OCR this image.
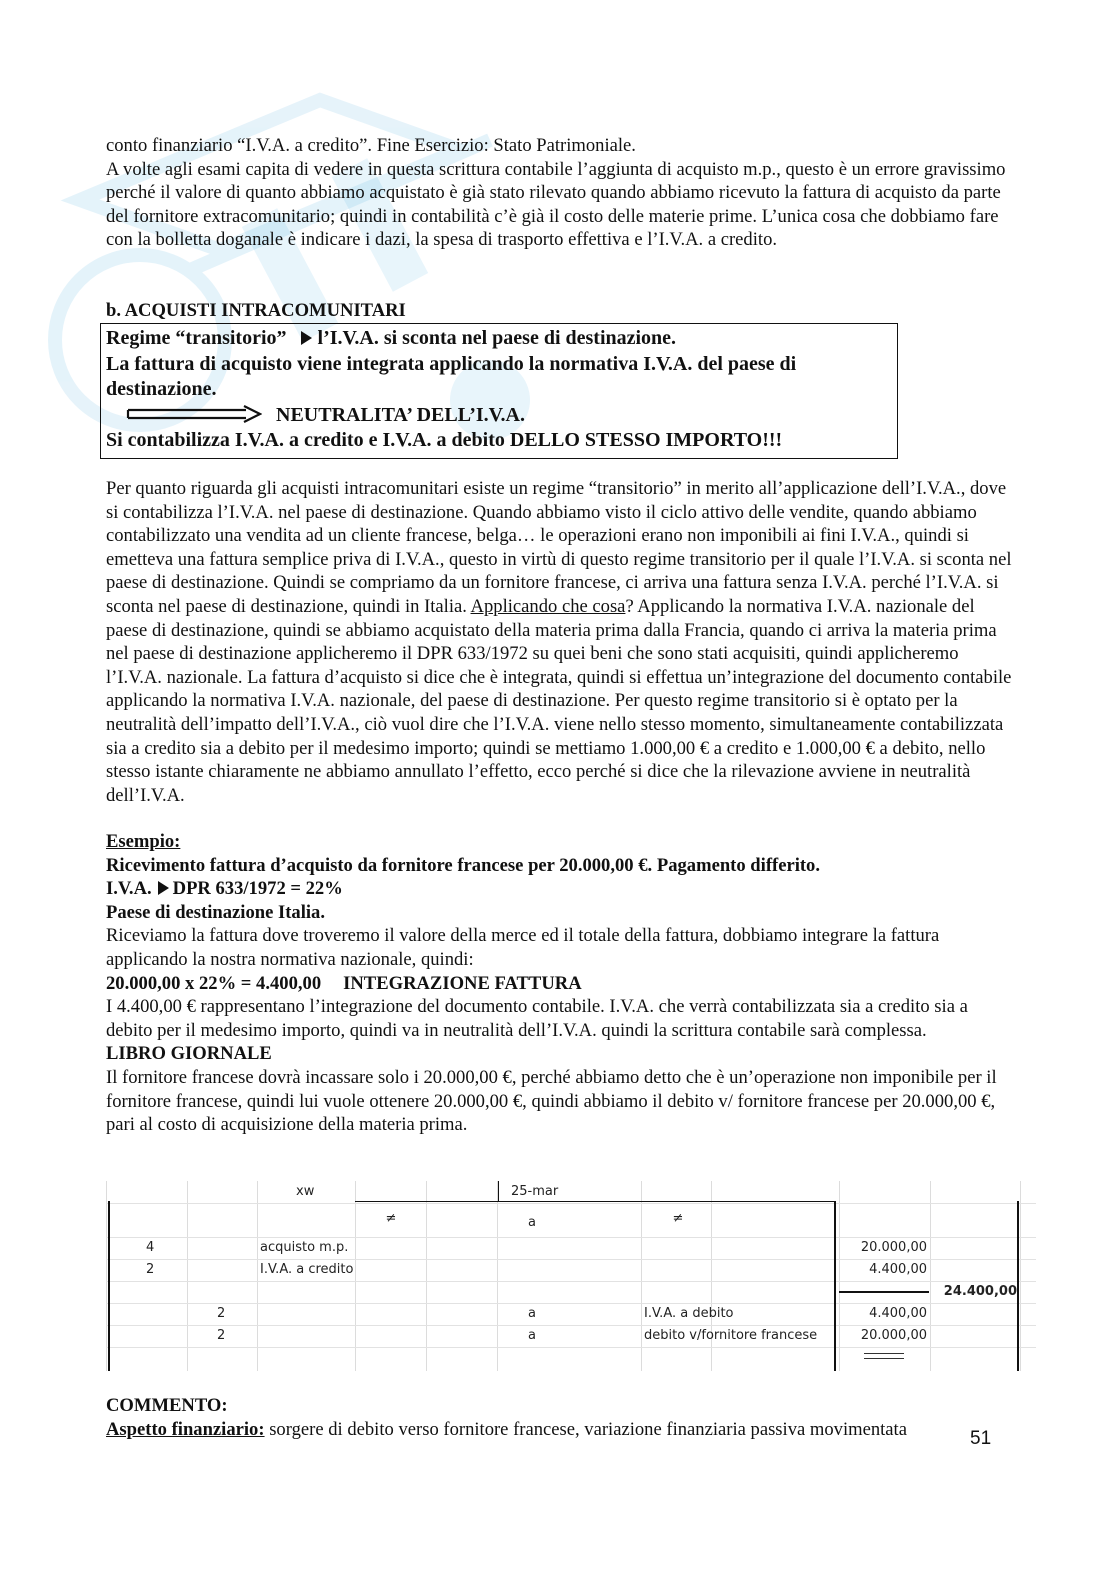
conto finanziario “I.V.A. a credito”. Fine Esercizio: Stato Patrimoniale.

A volte agli esami capita di vedere in questa scrittura contabile l’aggiunta di acquisto m.p., questo è un errore gravissimo perché il valore di quanto abbiamo acquistato è già stato rilevato quando abbiamo ricevuto la fattura di acquisto da parte del fornitore extracomunitario; quindi in contabilità c’è già il costo delle materie prime. L’unica cosa che dobbiamo fare con la bolletta doganale è indicare i dazi, la spesa di trasporto effettiva e l’I.V.A. a credito.

b. ACQUISTI INTRACOMUNITARI

Regime “transitorio” l’I.V.A. si sconta nel paese di destinazione.

La fattura di acquisto viene integrata applicando la normativa I.V.A. del paese di destinazione.

NEUTRALITA’ DELL’I.V.A.

Si contabilizza I.V.A. a credito e I.V.A. a debito DELLO STESSO IMPORTO!!!

Per quanto riguarda gli acquisti intracomunitari esiste un regime “transitorio” in merito all’applicazione dell’I.V.A., dove si contabilizza l’I.V.A. nel paese di destinazione. Quando abbiamo visto il ciclo attivo delle vendite, quando abbiamo contabilizzato una vendita ad un cliente francese, belga… le operazioni erano non imponibili ai fini I.V.A., quindi si emetteva una fattura semplice priva di I.V.A., questo in virtù di questo regime transitorio per il quale l’I.V.A. si sconta nel paese di destinazione. Quindi se compriamo da un fornitore francese, ci arriva una fattura senza I.V.A. perché l’I.V.A. si sconta nel paese di destinazione, quindi in Italia. Applicando che cosa? Applicando la normativa I.V.A. nazionale del paese di destinazione, quindi se abbiamo acquistato della materia prima dalla Francia, quando ci arriva la materia prima nel paese di destinazione applicheremo il DPR 633/1972 su quei beni che sono stati acquisiti, quindi applicheremo l’I.V.A. nazionale. La fattura d’acquisto si dice che è integrata, quindi si effettua un’integrazione del documento contabile applicando la normativa I.V.A. nazionale, del paese di destinazione. Per questo regime transitorio si è optato per la neutralità dell’impatto dell’I.V.A., ciò vuol dire che l’I.V.A. viene nello stesso momento, simultaneamente contabilizzata sia a credito sia a debito per il medesimo importo; quindi se mettiamo 1.000,00 € a credito e 1.000,00 € a debito, nello stesso istante chiaramente ne abbiamo annullato l’effetto, ecco perché si dice che la rilevazione avviene in neutralità dell’I.V.A.

Esempio:

Ricevimento fattura d’acquisto da fornitore francese per 20.000,00 €. Pagamento differito.

I.V.A. DPR 633/1972 = 22%

Paese di destinazione Italia.

Riceviamo la fattura dove troveremo il valore della merce ed il totale della fattura, dobbiamo integrare la fattura applicando la nostra normativa nazionale, quindi:

20.000,00 x 22% = 4.400,00 INTEGRAZIONE FATTURA

I 4.400,00 € rappresentano l’integrazione del documento contabile. I.V.A. che verrà contabilizzata sia a credito sia a debito per il medesimo importo, quindi va in neutralità dell’I.V.A. quindi la scrittura contabile sarà complessa.

LIBRO GIORNALE

Il fornitore francese dovrà incassare solo i 20.000,00 €, perché abbiamo detto che è un’operazione non imponibile per il fornitore francese, quindi lui vuole ottenere 20.000,00 €, quindi abbiamo il debito v/ fornitore francese per 20.000,00 €, pari al costo di acquisizione della materia prima.

xw	25-mar
≠	a	≠
4	acquisto m.p.	20.000,00
2	I.V.A. a credito	4.400,00
24.400,00
2	a	I.V.A. a debito	4.400,00
2	a	debito v/fornitore francese	20.000,00

COMMENTO:

Aspetto finanziario: sorgere di debito verso fornitore francese, variazione finanziaria passiva movimentata	51
